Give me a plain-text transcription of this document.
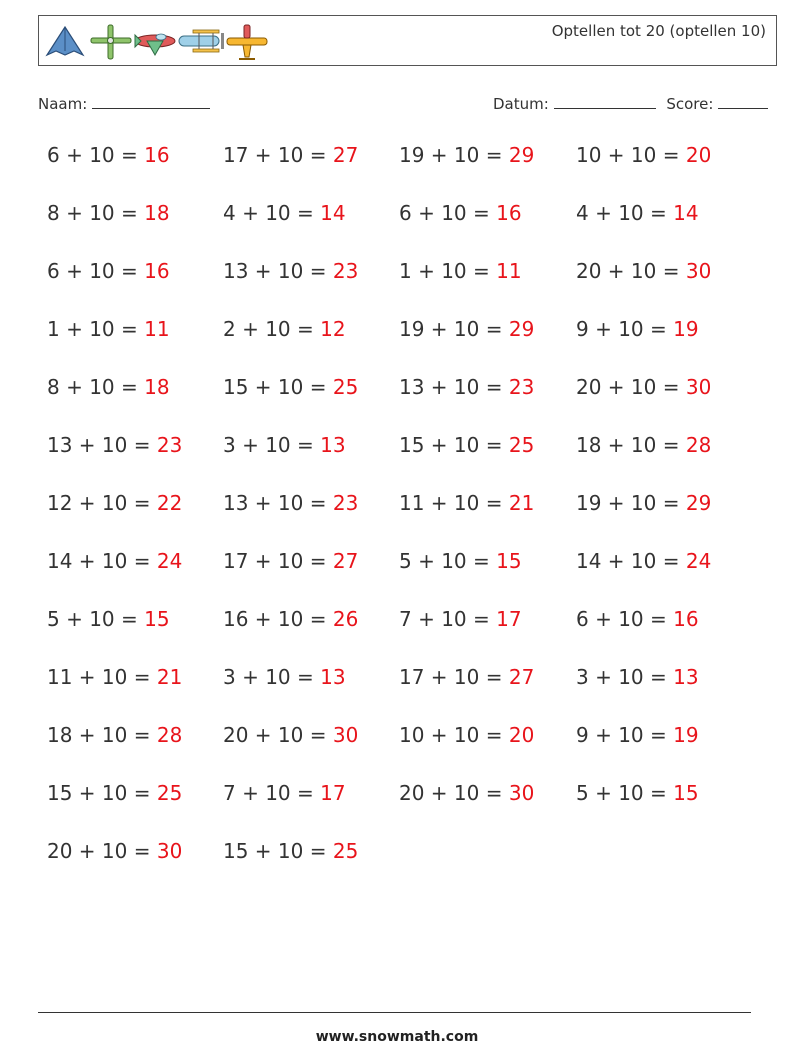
Optellen tot 20 (optellen 10)
Naam:	Datum:	Score:
6 + 10 = 16	17 + 10 = 27 19 + 10 = 29 10 + 10 = 20
8 + 10 = 18	4 + 10 = 14	6 + 10 = 16	4 + 10 = 14
6 + 10 = 16	13 + 10 = 23 1 + 10 = 11	20 + 10 = 30
1 + 10 = 11	2 + 10 = 12	19 + 10 = 29 9 + 10 = 19
8 + 10 = 18	15 + 10 = 25 13 + 10 = 23 20 + 10 = 30
13 + 10 = 23 3 + 10 = 13	15 + 10 = 25 18 + 10 = 28
12 + 10 = 22 13 + 10 = 23 11 + 10 = 21 19 + 10 = 29
14 + 10 = 24 17 + 10 = 27 5 + 10 = 15	14 + 10 = 24
5 + 10 = 15	16 + 10 = 26 7 + 10 = 17	6 + 10 = 16
11 + 10 = 21 3 + 10 = 13	17 + 10 = 27 3 + 10 = 13
18 + 10 = 28 20 + 10 = 30 10 + 10 = 20 9 + 10 = 19
15 + 10 = 25 7 + 10 = 17	20 + 10 = 30 5 + 10 = 15
20 + 10 = 30 15 + 10 = 25
www.snowmath.com
